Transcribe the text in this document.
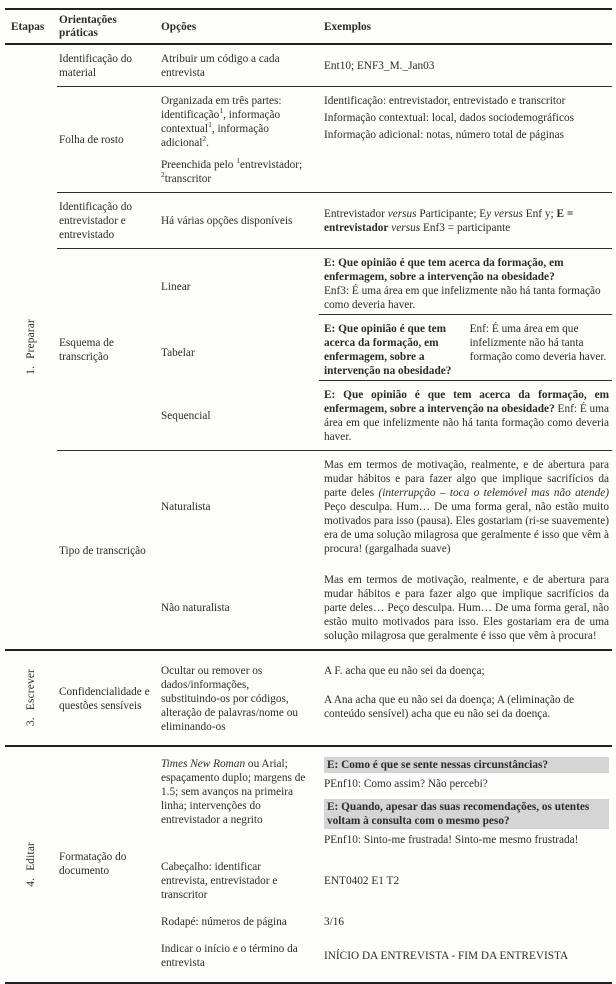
Etapas
Orientações práticas
Opções	Exemplos
1. Preparar
Identificação do material
Atribuir um código a cada entrevista
Ent10; ENF3_M._Jan03
Folha de rosto

Organizada em três partes: identificação$^1$, informação contextual$^1$, informação adicional$^2$.

Preenchida pelo $^1$entrevistador; $^2$transcritor

Identificação: entrevistador, entrevistado e transcritor

Informação contextual: local, dados sociodemográficos

Informação adicional: notas, número total de páginas

Identificação do entrevistador e entrevistado
Há várias opções disponíveis
Entrevistador versus Participante; Ey versus Enf y; E = entrevistador versus Enf3 = participante
Esquema de transcrição
Linear

E: Que opinião é que tem acerca da formação, em enfermagem, sobre a intervenção na obesidade?

Enf3: É uma área em que infelizmente não há tanta formação como deveria haver.

Tabelar
E: Que opinião é que tem acerca da formação, em enfermagem, sobre a intervenção na obesidade?
Enf: É uma área em que infelizmente não há tanta formação como deveria haver.
Sequencial
E: Que opinião é que tem acerca da formação, em enfermagem, sobre a intervenção na obesidade? Enf: É uma área em que infelizmente não há tanta formação como deveria haver.
Tipo de transcrição
Naturalista
Mas em termos de motivação, realmente, e de abertura para mudar hábitos e para fazer algo que implique sacrifícios da parte deles (interrupção – toca o telemóvel mas não atende) Peço desculpa. Hum… De uma forma geral, não estão muito motivados para isso (pausa). Eles gostariam (ri-se suavemente) era de uma solução milagrosa que geralmente é isso que vêm à procura! (gargalhada suave)
Não naturalista
Mas em termos de motivação, realmente, e de abertura para mudar hábitos e para fazer algo que implique sacrifícios da parte deles… Peço desculpa. Hum… De uma forma geral, não estão muito motivados para isso. Eles gostariam era de uma solução milagrosa que geralmente é isso que vêm à procura!
3. Escrever Confidencialidade e questões sensíveis
Ocultar ou remover os dados/informações, substituindo-os por códigos, alteração de palavras/nome ou eliminando-os

A F. acha que eu não sei da doença;

A Ana acha que eu não sei da doença; A (eliminação de conteúdo sensível) acha que eu não sei da doença.

4. Editar Formatação do documento
Times New Roman ou Arial; espaçamento duplo; margens de 1.5; sem avanços na primeira linha; intervenções do entrevistador a negrito

E: Como é que se sente nessas circunstâncias?

PEnf10: Como assim? Não percebi?

E: Quando, apesar das suas recomendações, os utentes voltam à consulta com o mesmo peso?

PEnf10: Sinto-me frustrada! Sinto-me mesmo frustrada!

Cabeçalho: identificar entrevista, entrevistador e transcritor
ENT0402 E1 T2
Rodapé: números de página	3/16
Indicar o início e o término da entrevista
INÍCIO DA ENTREVISTA - FIM DA ENTREVISTA
